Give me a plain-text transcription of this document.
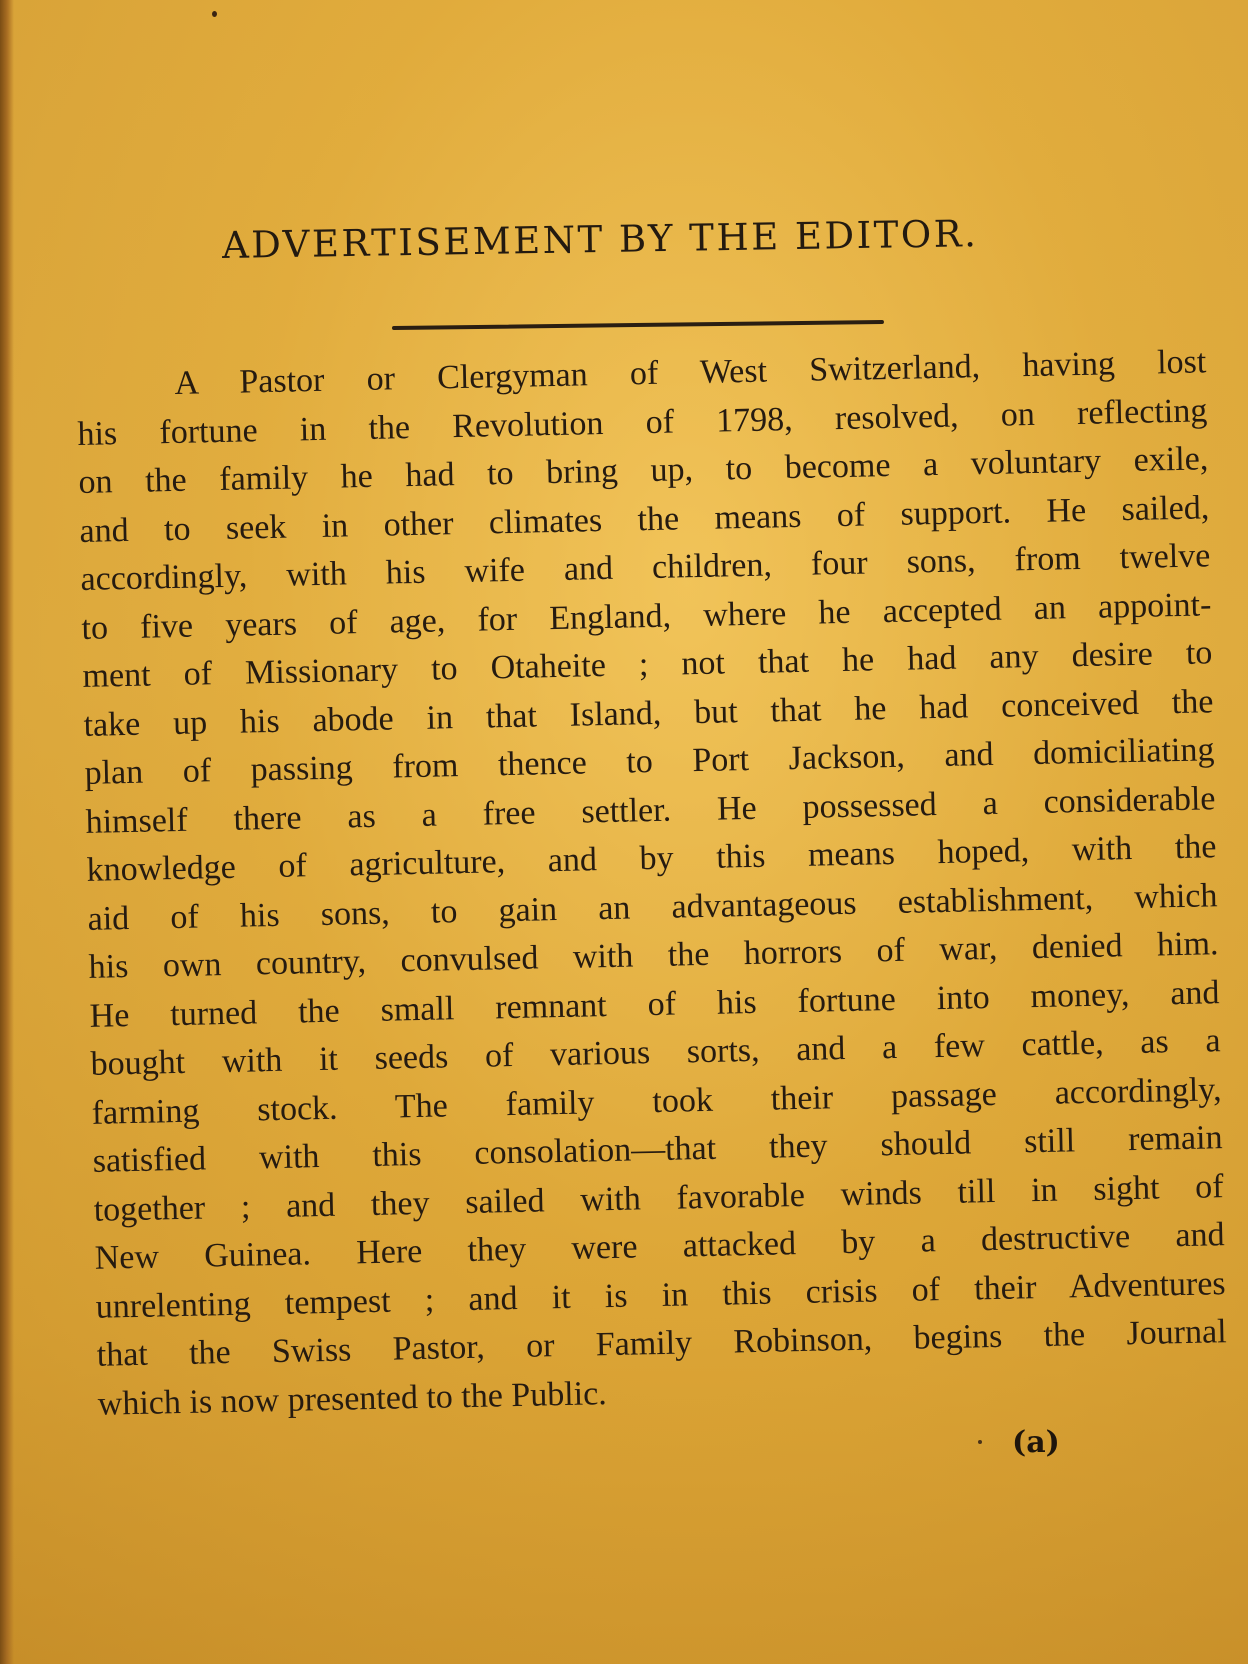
ADVERTISEMENT BY THE EDITOR.
A Pastor or Clergyman of West Switzerland, having lost
his fortune in the Revolution of 1798, resolved, on reflecting
on the family he had to bring up, to become a voluntary exile,
and to seek in other climates the means of support. He sailed,
accordingly, with his wife and children, four sons, from twelve
to five years of age, for England, where he accepted an appoint-
ment of Missionary to Otaheite ; not that he had any desire to
take up his abode in that Island, but that he had conceived the
plan of passing from thence to Port Jackson, and domiciliating
himself there as a free settler. He possessed a considerable
knowledge of agriculture, and by this means hoped, with the
aid of his sons, to gain an advantageous establishment, which
his own country, convulsed with the horrors of war, denied him.
He turned the small remnant of his fortune into money, and
bought with it seeds of various sorts, and a few cattle, as a
farming stock. The family took their passage accordingly,
satisfied with this consolation—that they should still remain
together ; and they sailed with favorable winds till in sight of
New Guinea. Here they were attacked by a destructive and
unrelenting tempest ; and it is in this crisis of their Adventures
that the Swiss Pastor, or Family Robinson, begins the Journal
which is now presented to the Public.
(a)
